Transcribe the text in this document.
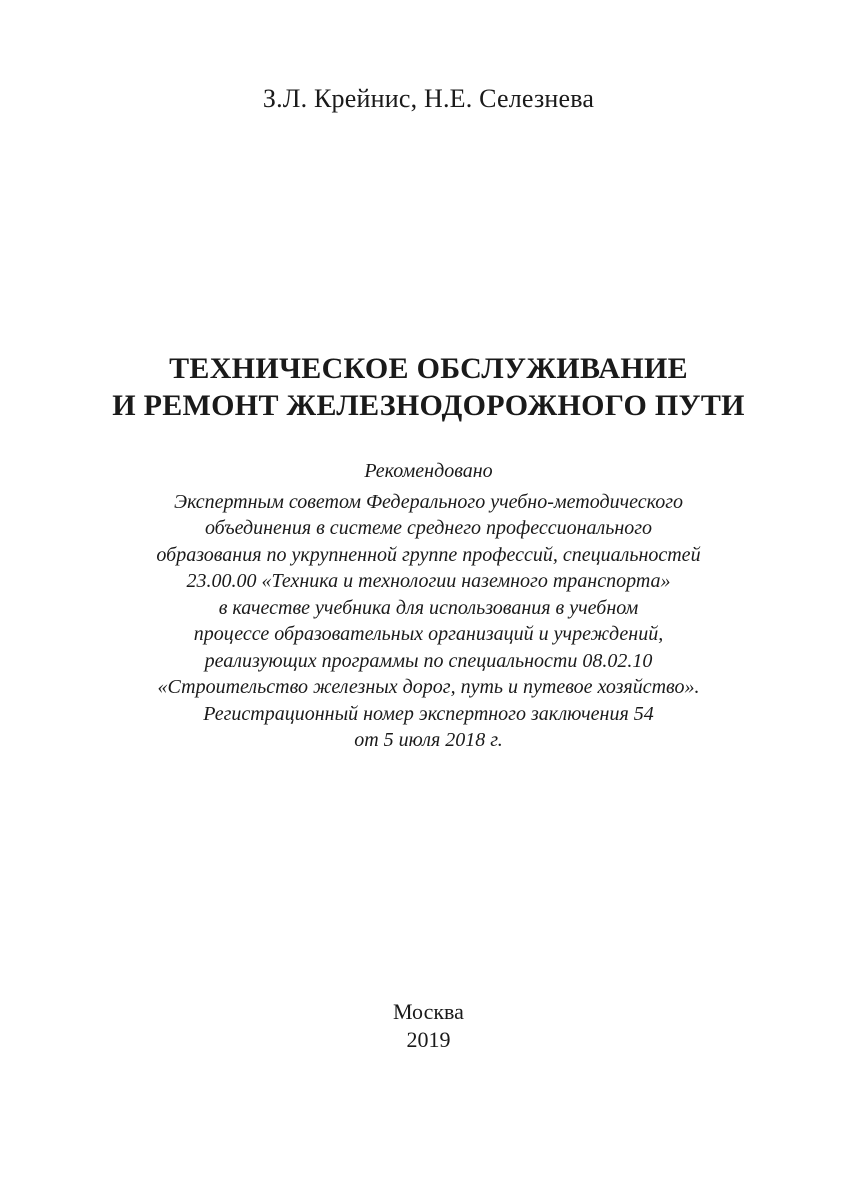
З.Л. Крейнис, Н.Е. Селезнева
ТЕХНИЧЕСКОЕ ОБСЛУЖИВАНИЕ
И РЕМОНТ ЖЕЛЕЗНОДОРОЖНОГО ПУТИ
Рекомендовано
Экспертным советом Федерального учебно-методического
объединения в системе среднего профессионального
образования по укрупненной группе профессий, специальностей
23.00.00 «Техника и технологии наземного транспорта»
в качестве учебника для использования в учебном
процессе образовательных организаций и учреждений,
реализующих программы по специальности 08.02.10
«Строительство железных дорог, путь и путевое хозяйство».
Регистрационный номер экспертного заключения 54
от 5 июля 2018 г.
Москва
2019
